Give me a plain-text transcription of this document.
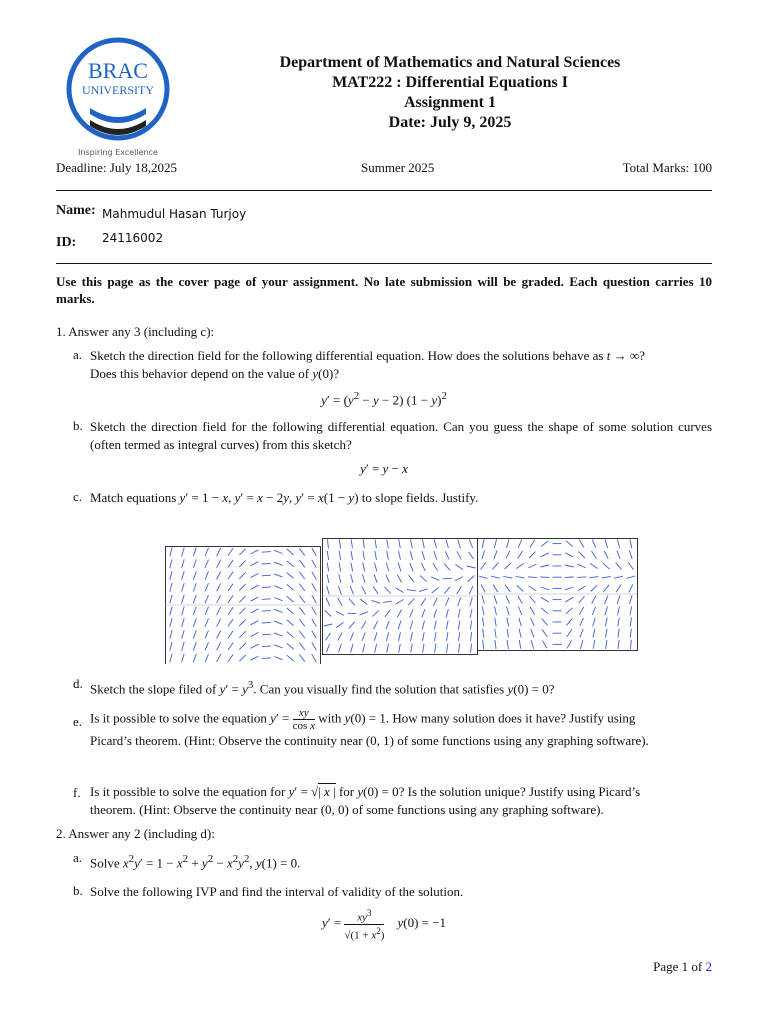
BRAC
UNIVERSITY
Inspiring Excellence
Department of Mathematics and Natural Sciences
MAT222 : Differential Equations I
Assignment 1
Date: July 9, 2025
Deadline: July 18,2025	Summer 2025	Total Marks: 100
Name: Mahmudul Hasan Turjoy
ID: 24116002
Use this page as the cover page of your assignment. No late submission will be graded. Each question carries 10 marks.
1. Answer any 3 (including c):
a. Sketch the direction field for the following differential equation. How does the solutions behave as t → ∞?
Does this behavior depend on the value of y(0)?
$y' = (y^2 - y - 2) (1 - y)^2$
b. Sketch the direction field for the following differential equation. Can you guess the shape of some solution curves (often termed as integral curves) from this sketch?
y′ = y − x
c. Match equations y′ = 1 − x, y′ = x − 2y, y′ = x(1 − y) to slope fields. Justify.
d. Sketch the slope filed of $y' = y^3$. Can you visually find the solution that satisfies y(0) = 0?
e. Is it possible to solve the equation $y' = \frac{xy}{\text{cos x}}$ with y(0) = 1. How many solution does it have? Justify using
Picard’s theorem. (Hint: Observe the continuity near (0, 1) of some functions using any graphing software).
f. Is it possible to solve the equation for y′ = √| x | for y(0) = 0? Is the solution unique? Justify using Picard’s
theorem. (Hint: Observe the continuity near (0, 0) of some functions using any graphing software).
2. Answer any 2 (including d):
a. Solve $x^2y' = 1 - x^2 + y^2 - x^2y^2$, y(1) = 0.
b. Solve the following IVP and find the interval of validity of the solution.
$y' = \frac{xy^3}{√(1 + x^2)} y(0) = -1$
Page 1 of 2
